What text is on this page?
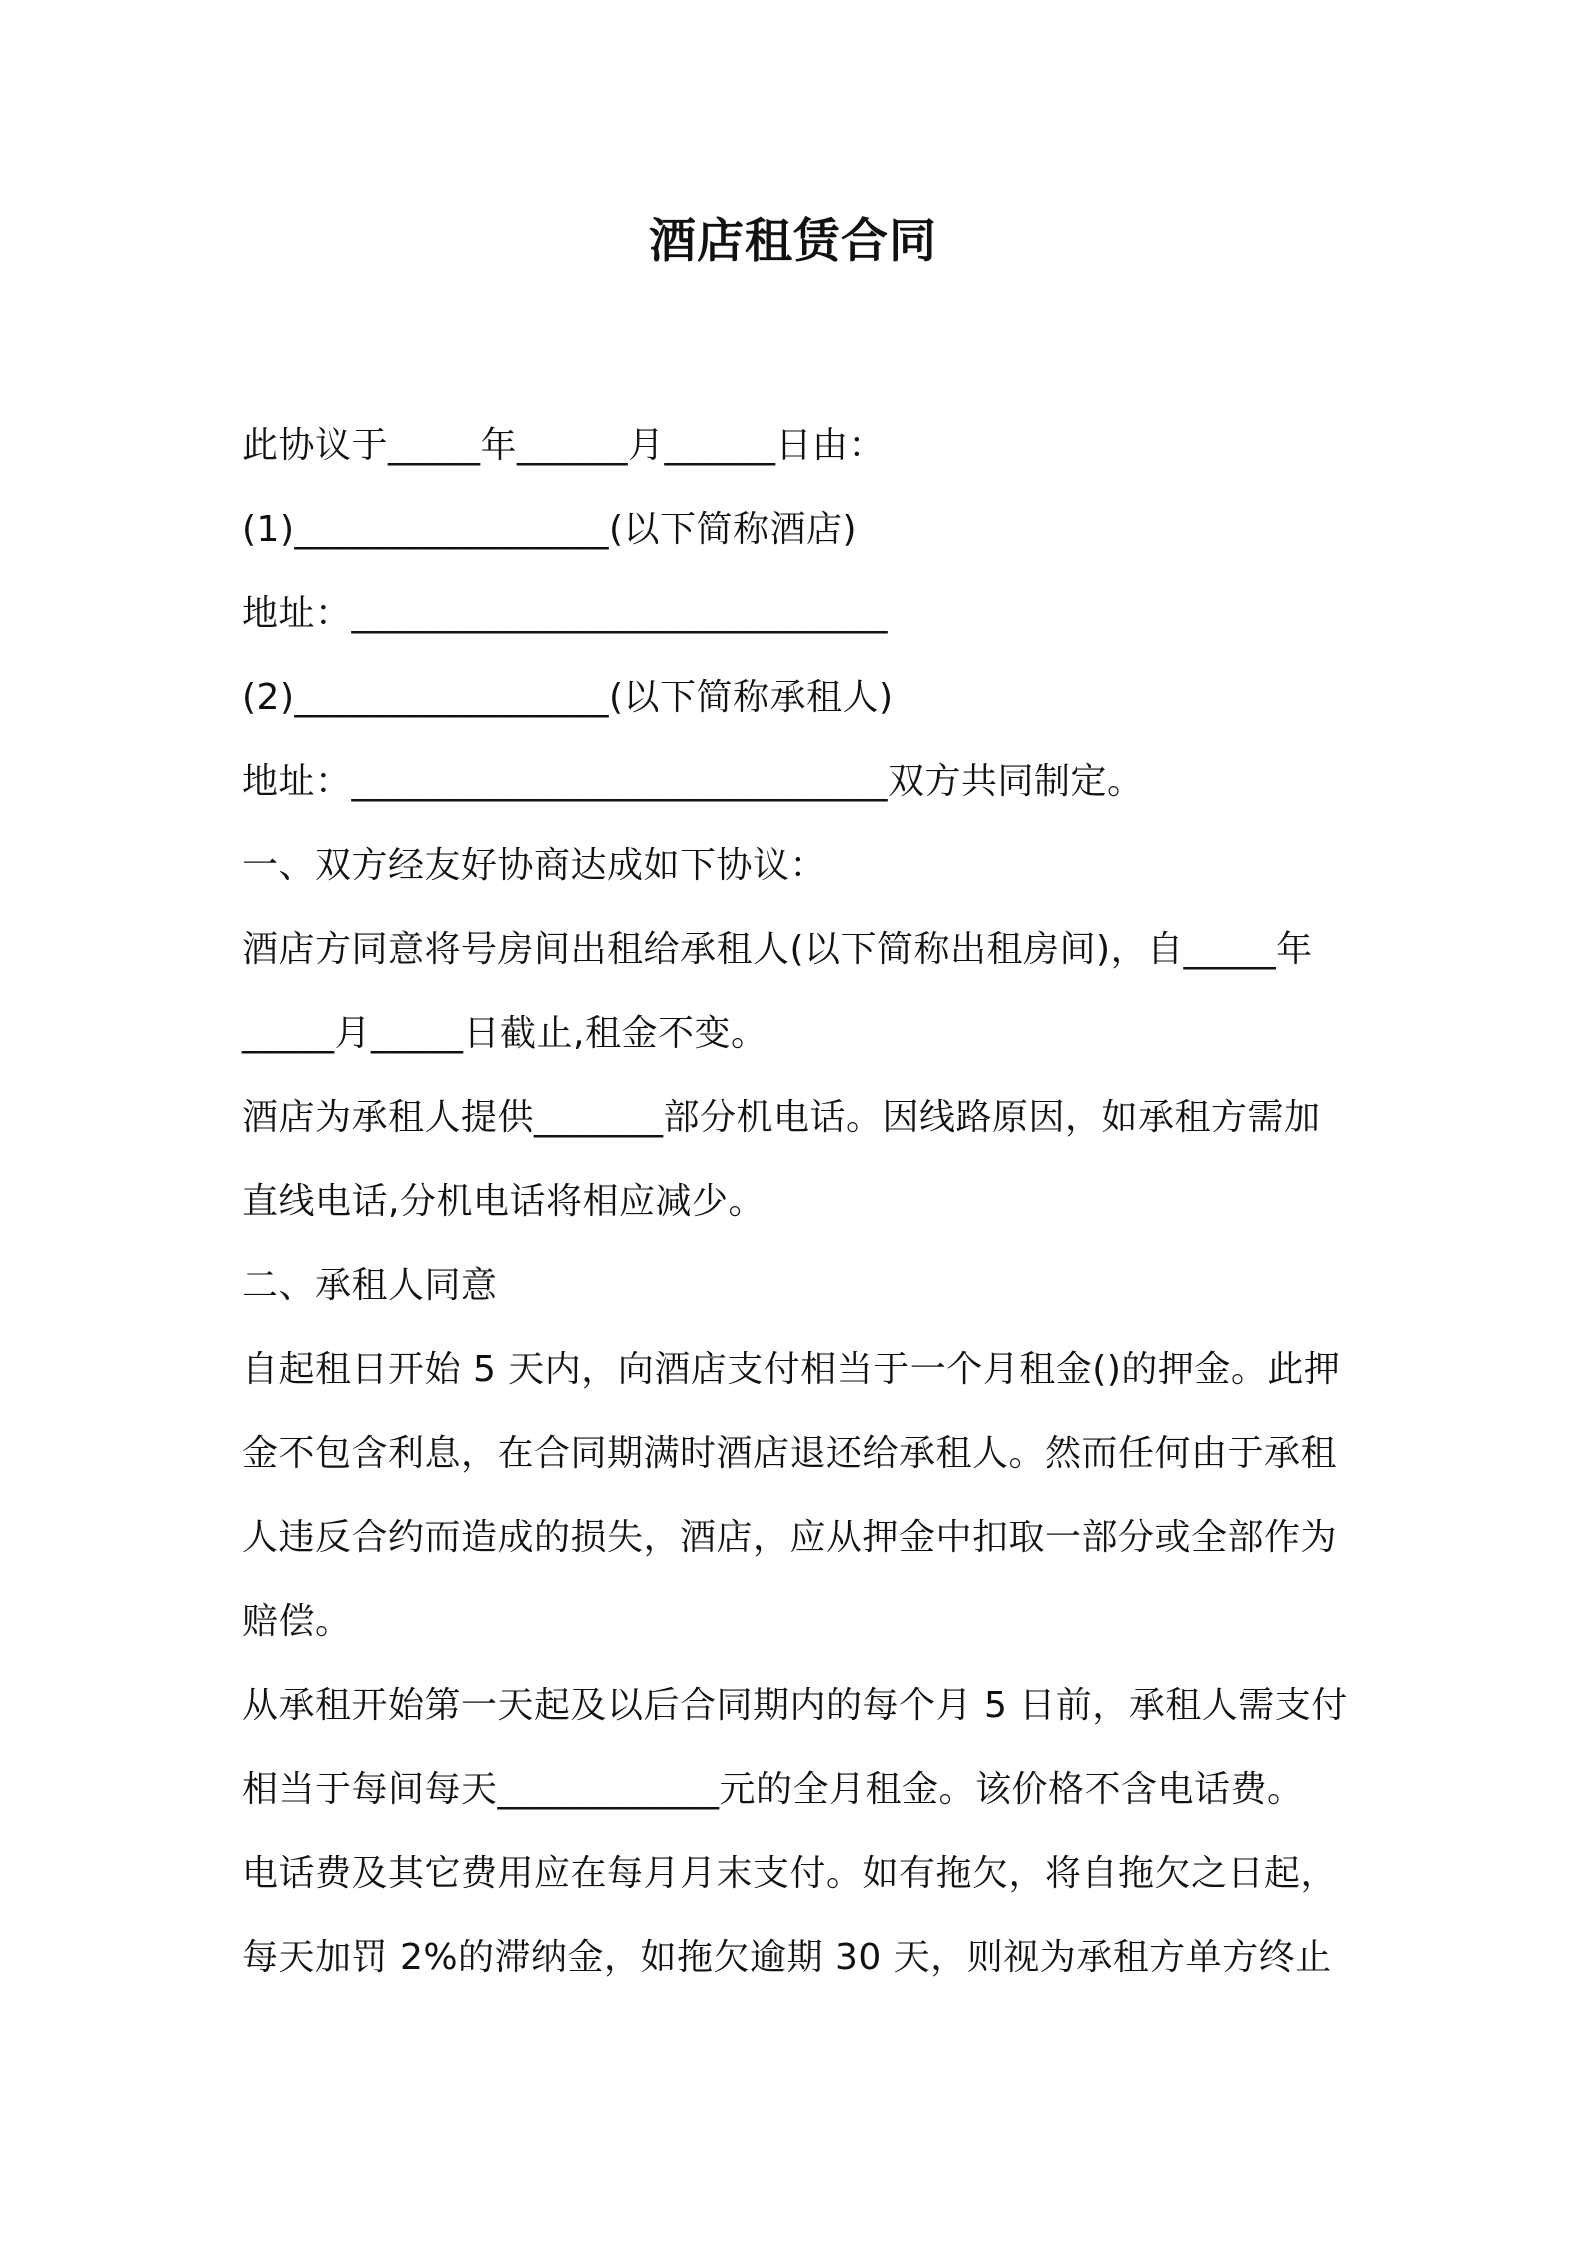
酒店租赁合同
此协议于_____年______月______日由：
(1)_________________(以下简称酒店)
地址：_____________________________
(2)_________________(以下简称承租人)
地址：_____________________________双方共同制定。
一、双方经友好协商达成如下协议：
酒店方同意将号房间出租给承租人(以下简称出租房间)，自_____年
_____月_____日截止,租金不变。
酒店为承租人提供_______部分机电话。因线路原因，如承租方需加
直线电话,分机电话将相应减少。
二、承租人同意
自起租日开始 5 天内，向酒店支付相当于一个月租金()的押金。此押
金不包含利息，在合同期满时酒店退还给承租人。然而任何由于承租
人违反合约而造成的损失，酒店，应从押金中扣取一部分或全部作为
赔偿。
从承租开始第一天起及以后合同期内的每个月 5 日前，承租人需支付
相当于每间每天____________元的全月租金。该价格不含电话费。
电话费及其它费用应在每月月末支付。如有拖欠，将自拖欠之日起，
每天加罚 2%的滞纳金，如拖欠逾期 30 天，则视为承租方单方终止
